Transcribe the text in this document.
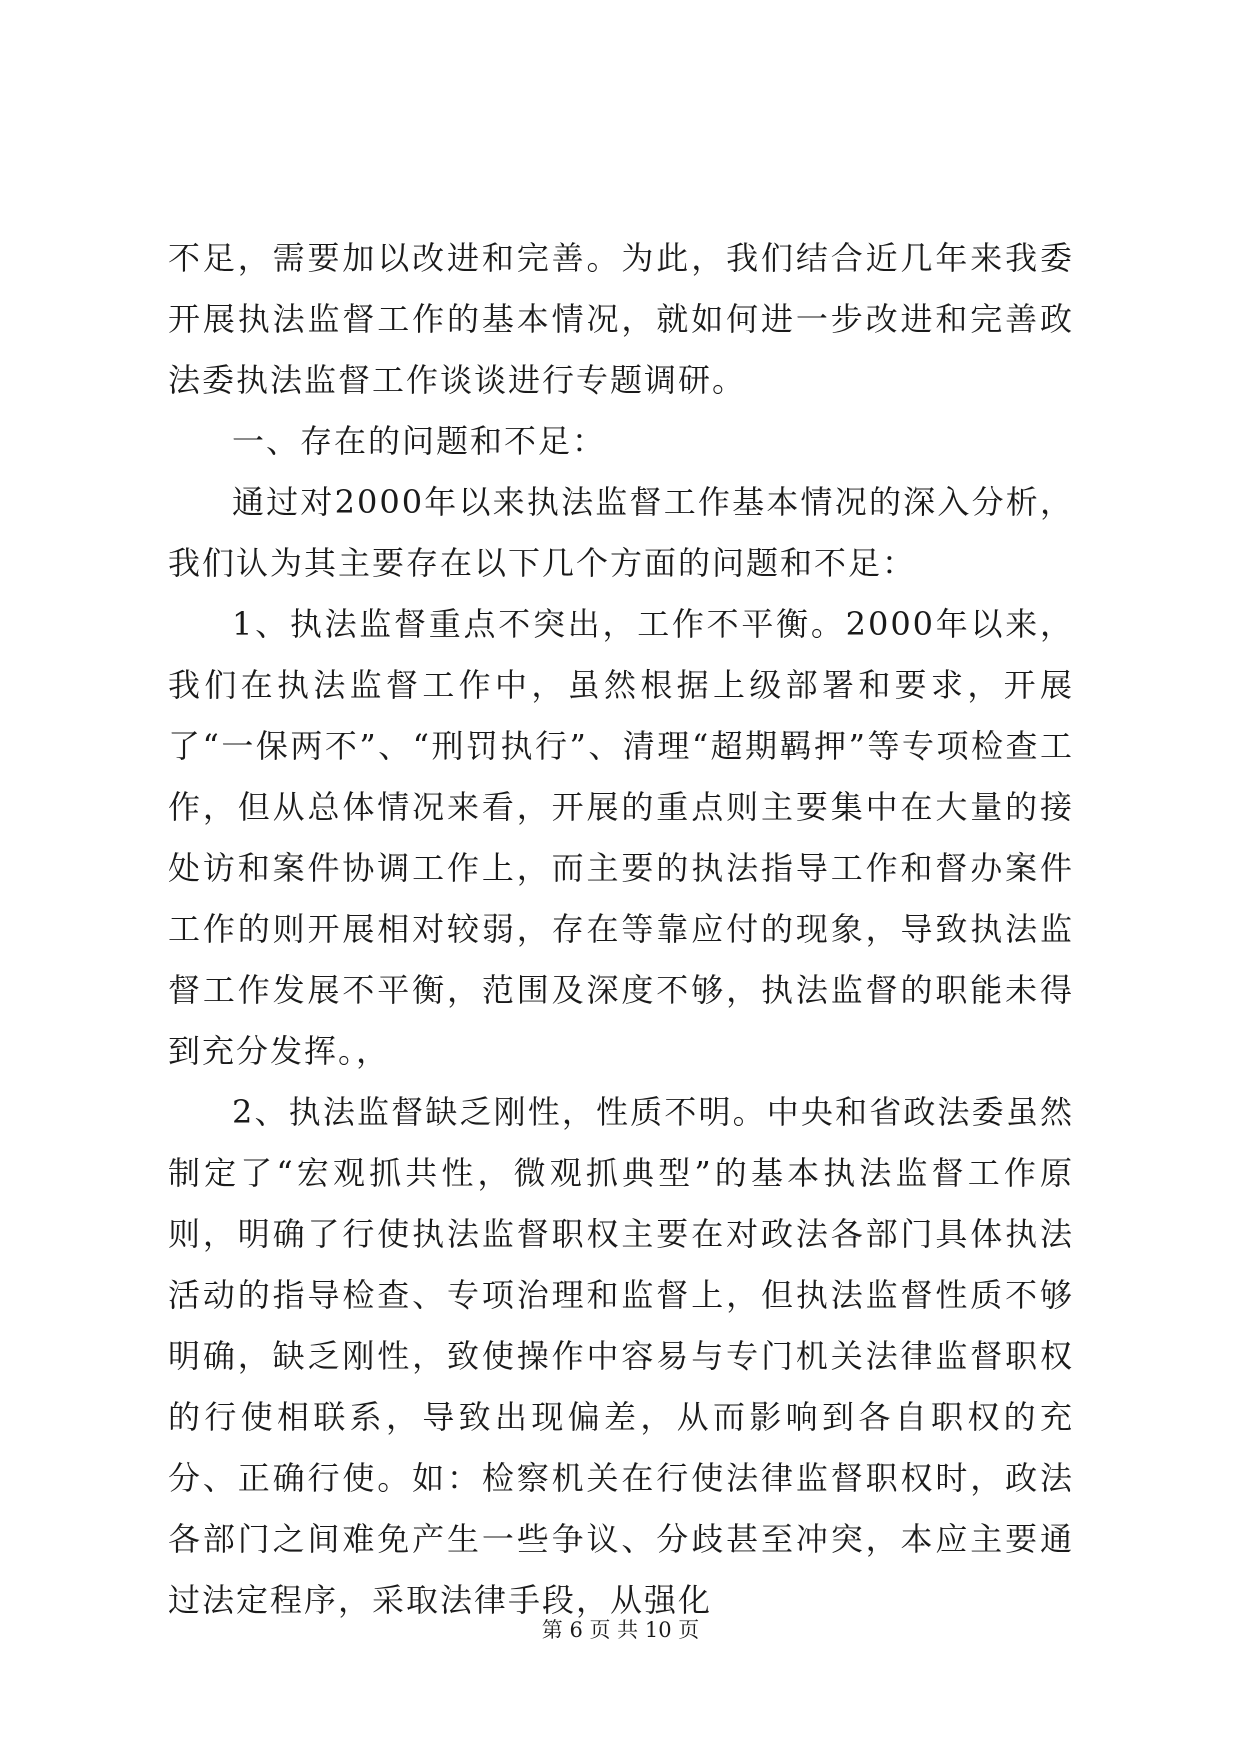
不足，需要加以改进和完善。为此，我们结合近几年来我委开展执法监督工作的基本情况，就如何进一步改进和完善政法委执法监督工作谈谈进行专题调研。

一、存在的问题和不足：

通过对2000年以来执法监督工作基本情况的深入分析，我们认为其主要存在以下几个方面的问题和不足：

1、执法监督重点不突出，工作不平衡。2000年以来，我们在执法监督工作中，虽然根据上级部署和要求，开展了“一保两不”、“刑罚执行”、清理“超期羁押”等专项检查工作，但从总体情况来看，开展的重点则主要集中在大量的接处访和案件协调工作上，而主要的执法指导工作和督办案件工作的则开展相对较弱，存在等靠应付的现象，导致执法监督工作发展不平衡，范围及深度不够，执法监督的职能未得到充分发挥。，

2、执法监督缺乏刚性，性质不明。中央和省政法委虽然制定了“宏观抓共性，微观抓典型”的基本执法监督工作原则，明确了行使执法监督职权主要在对政法各部门具体执法活动的指导检查、专项治理和监督上，但执法监督性质不够明确，缺乏刚性，致使操作中容易与专门机关法律监督职权的行使相联系，导致出现偏差，从而影响到各自职权的充分、正确行使。如：检察机关在行使法律监督职权时，政法各部门之间难免产生一些争议、分歧甚至冲突，本应主要通过法定程序，采取法律手段，从强化

第 6 页 共 10 页
